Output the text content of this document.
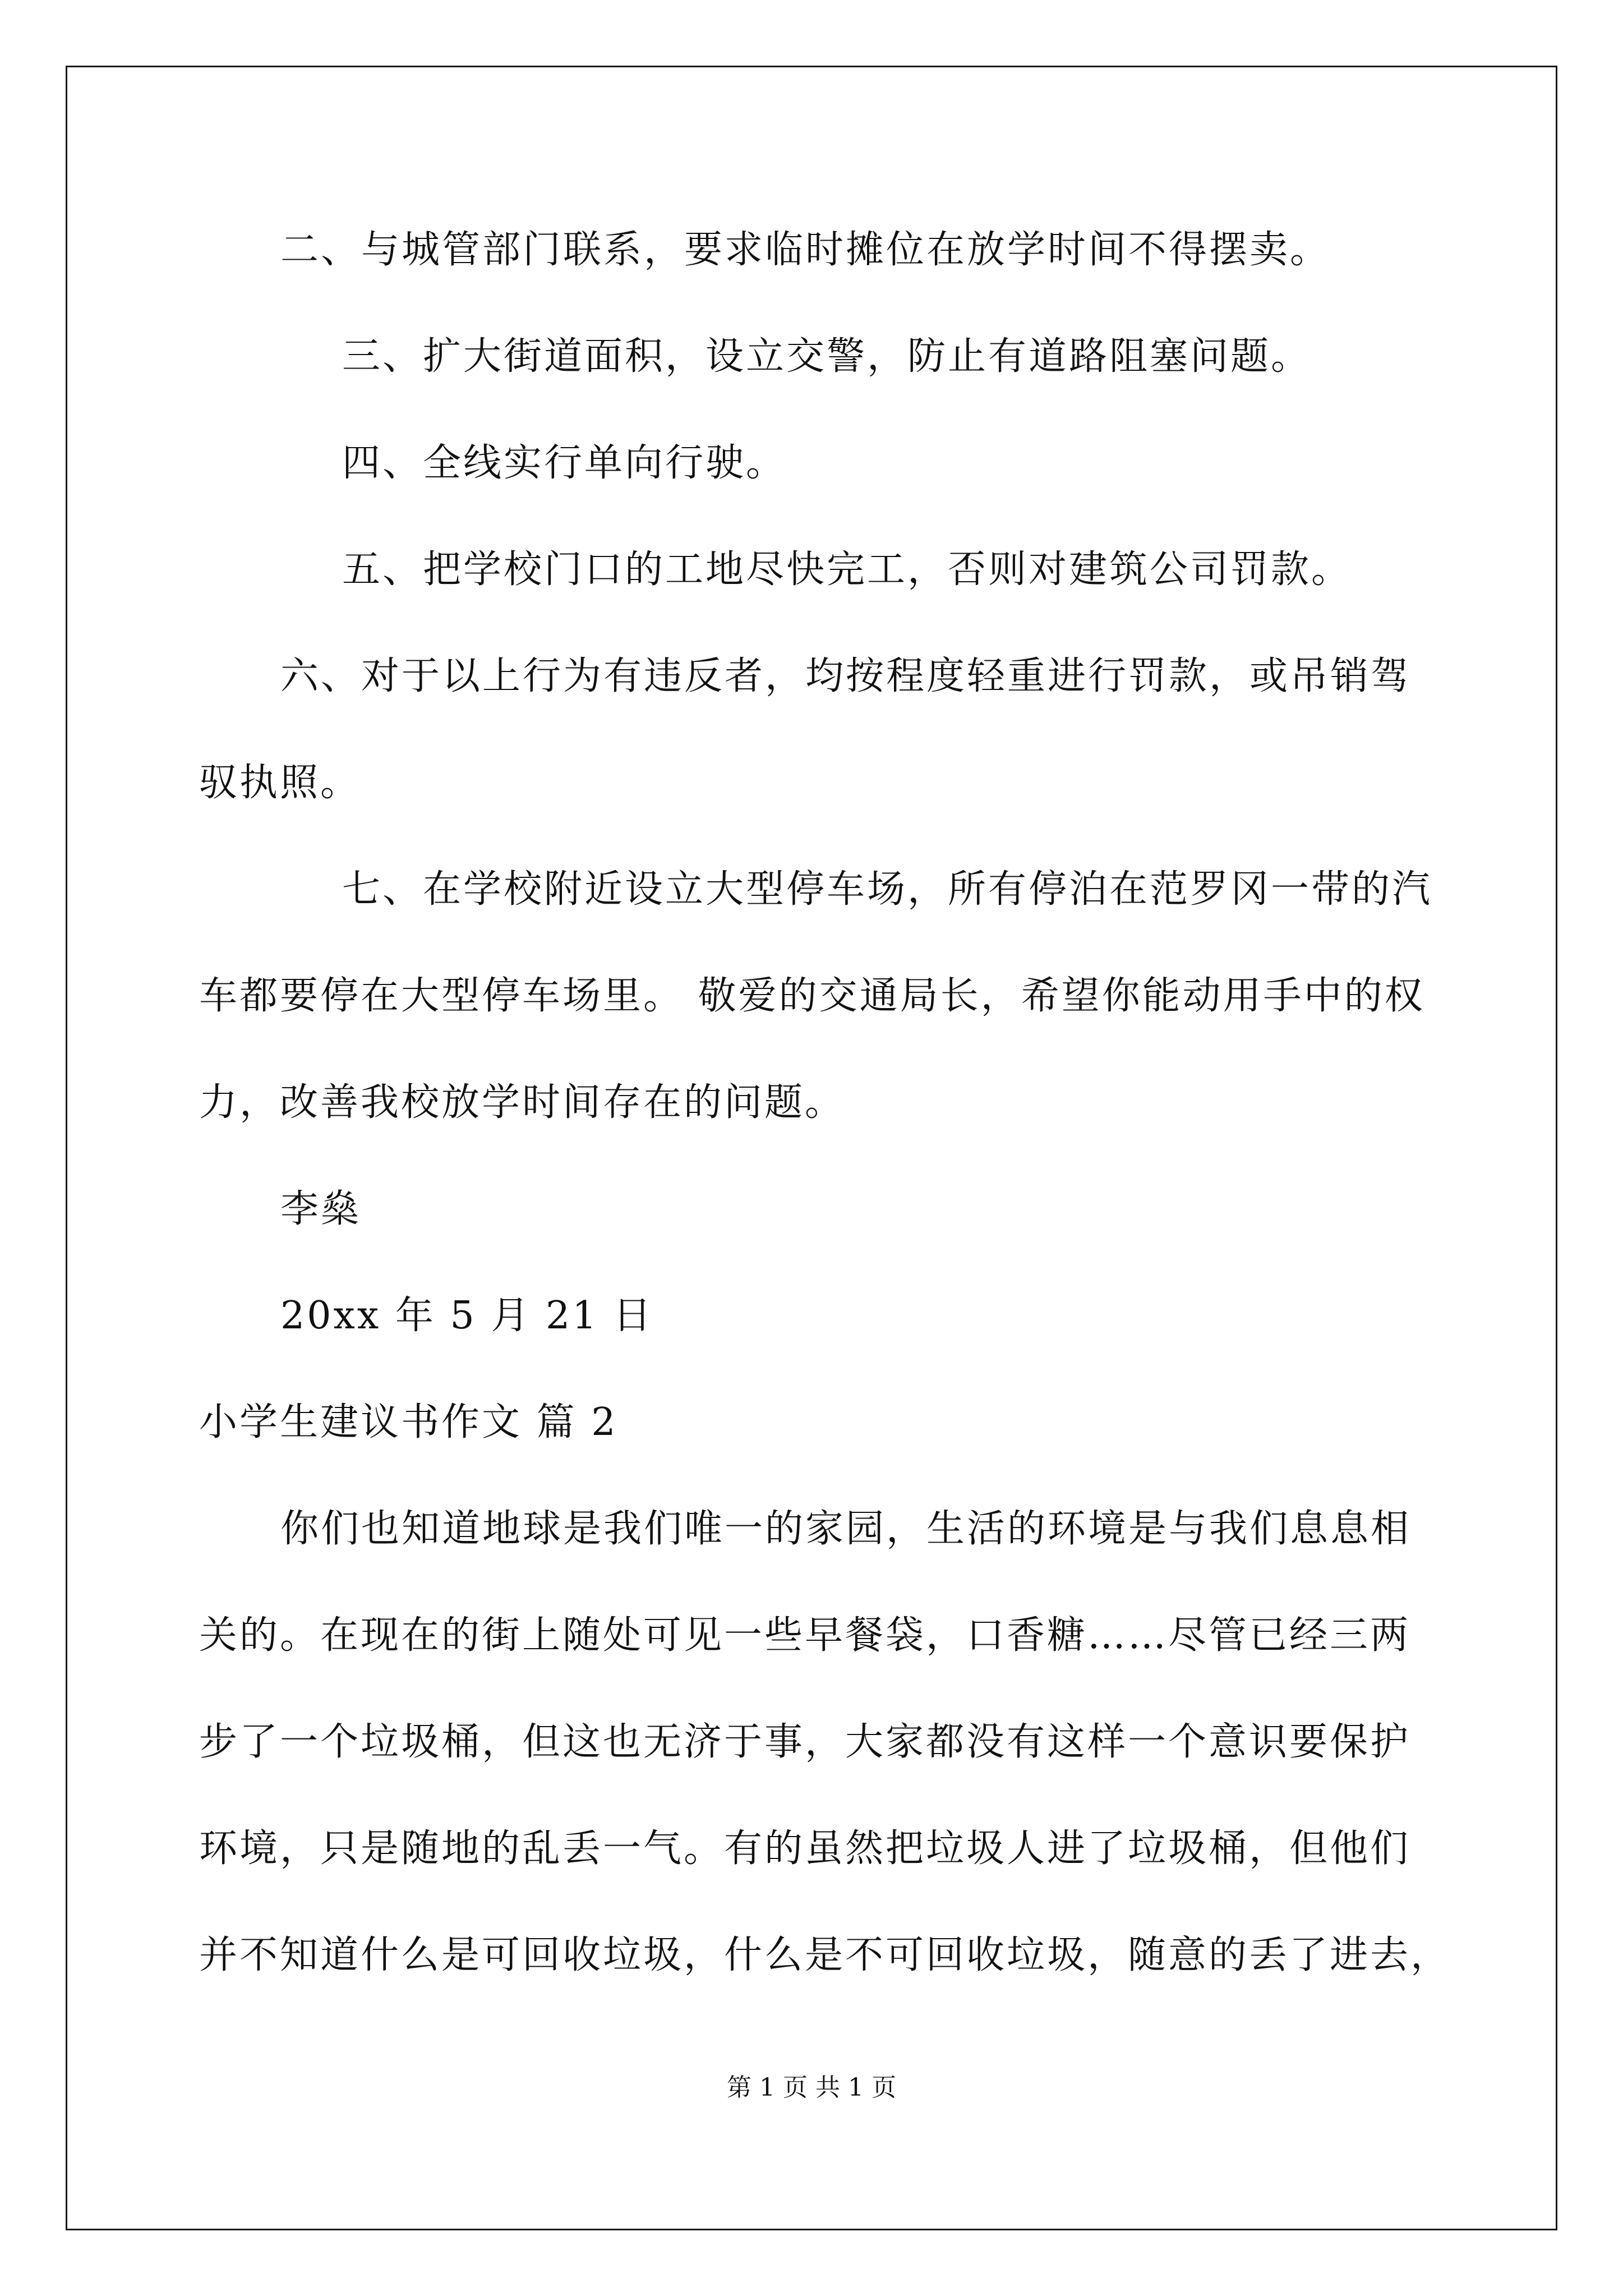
二、与城管部门联系，要求临时摊位在放学时间不得摆卖。
三、扩大街道面积，设立交警，防止有道路阻塞问题。
四、全线实行单向行驶。
五、把学校门口的工地尽快完工，否则对建筑公司罚款。
六、对于以上行为有违反者，均按程度轻重进行罚款，或吊销驾
驭执照。
七、在学校附近设立大型停车场，所有停泊在范罗冈一带的汽
车都要停在大型停车场里。 敬爱的交通局长，希望你能动用手中的权
力，改善我校放学时间存在的问题。
李燊
20xx 年 5 月 21 日
小学生建议书作文 篇 2
你们也知道地球是我们唯一的家园，生活的环境是与我们息息相
关的。在现在的街上随处可见一些早餐袋，口香糖……尽管已经三两
步了一个垃圾桶，但这也无济于事，大家都没有这样一个意识要保护
环境，只是随地的乱丢一气。有的虽然把垃圾人进了垃圾桶，但他们
并不知道什么是可回收垃圾，什么是不可回收垃圾，随意的丢了进去，
第 1 页 共 1 页
